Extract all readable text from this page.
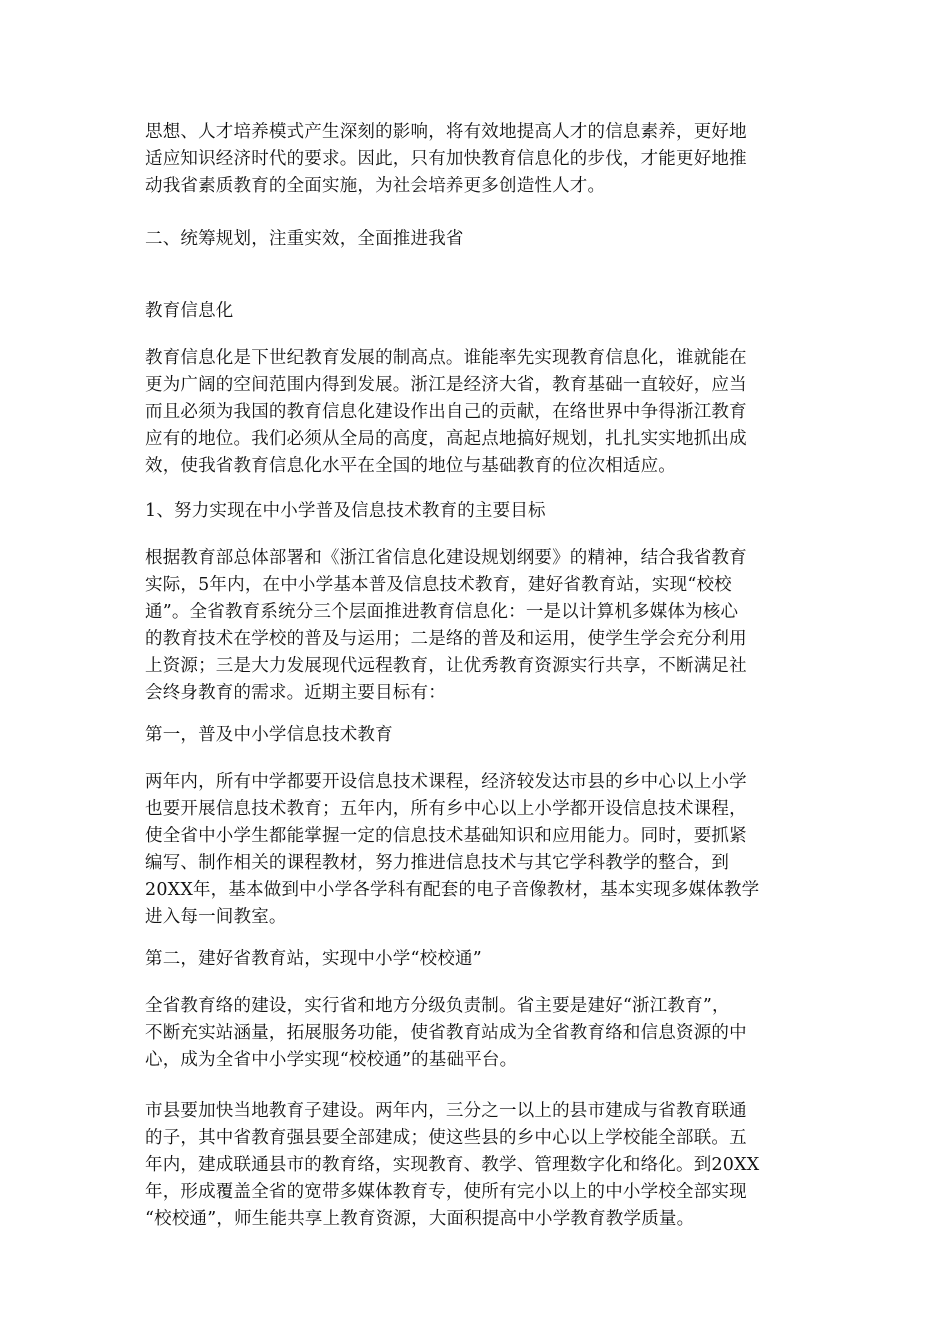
思想、人才培养模式产生深刻的影响，将有效地提高人才的信息素养，更好地
适应知识经济时代的要求。因此，只有加快教育信息化的步伐，才能更好地推
动我省素质教育的全面实施，为社会培养更多创造性人才。
二、统筹规划，注重实效，全面推进我省
教育信息化
教育信息化是下世纪教育发展的制高点。谁能率先实现教育信息化，谁就能在
更为广阔的空间范围内得到发展。浙江是经济大省，教育基础一直较好，应当
而且必须为我国的教育信息化建设作出自己的贡献，在络世界中争得浙江教育
应有的地位。我们必须从全局的高度，高起点地搞好规划，扎扎实实地抓出成
效，使我省教育信息化水平在全国的地位与基础教育的位次相适应。
1、努力实现在中小学普及信息技术教育的主要目标
根据教育部总体部署和《浙江省信息化建设规划纲要》的精神，结合我省教育
实际，5年内，在中小学基本普及信息技术教育，建好省教育站，实现“校校
通”。全省教育系统分三个层面推进教育信息化：一是以计算机多媒体为核心
的教育技术在学校的普及与运用；二是络的普及和运用，使学生学会充分利用
上资源；三是大力发展现代远程教育，让优秀教育资源实行共享，不断满足社
会终身教育的需求。近期主要目标有：
第一，普及中小学信息技术教育
两年内，所有中学都要开设信息技术课程，经济较发达市县的乡中心以上小学
也要开展信息技术教育；五年内，所有乡中心以上小学都开设信息技术课程，
使全省中小学生都能掌握一定的信息技术基础知识和应用能力。同时，要抓紧
编写、制作相关的课程教材，努力推进信息技术与其它学科教学的整合，到
20XX年，基本做到中小学各学科有配套的电子音像教材，基本实现多媒体教学
进入每一间教室。
第二，建好省教育站，实现中小学“校校通”
全省教育络的建设，实行省和地方分级负责制。省主要是建好“浙江教育”，
不断充实站涵量，拓展服务功能，使省教育站成为全省教育络和信息资源的中
心，成为全省中小学实现“校校通”的基础平台。
市县要加快当地教育子建设。两年内，三分之一以上的县市建成与省教育联通
的子，其中省教育强县要全部建成；使这些县的乡中心以上学校能全部联。五
年内，建成联通县市的教育络，实现教育、教学、管理数字化和络化。到20XX
年，形成覆盖全省的宽带多媒体教育专，使所有完小以上的中小学校全部实现
“校校通”，师生能共享上教育资源，大面积提高中小学教育教学质量。
